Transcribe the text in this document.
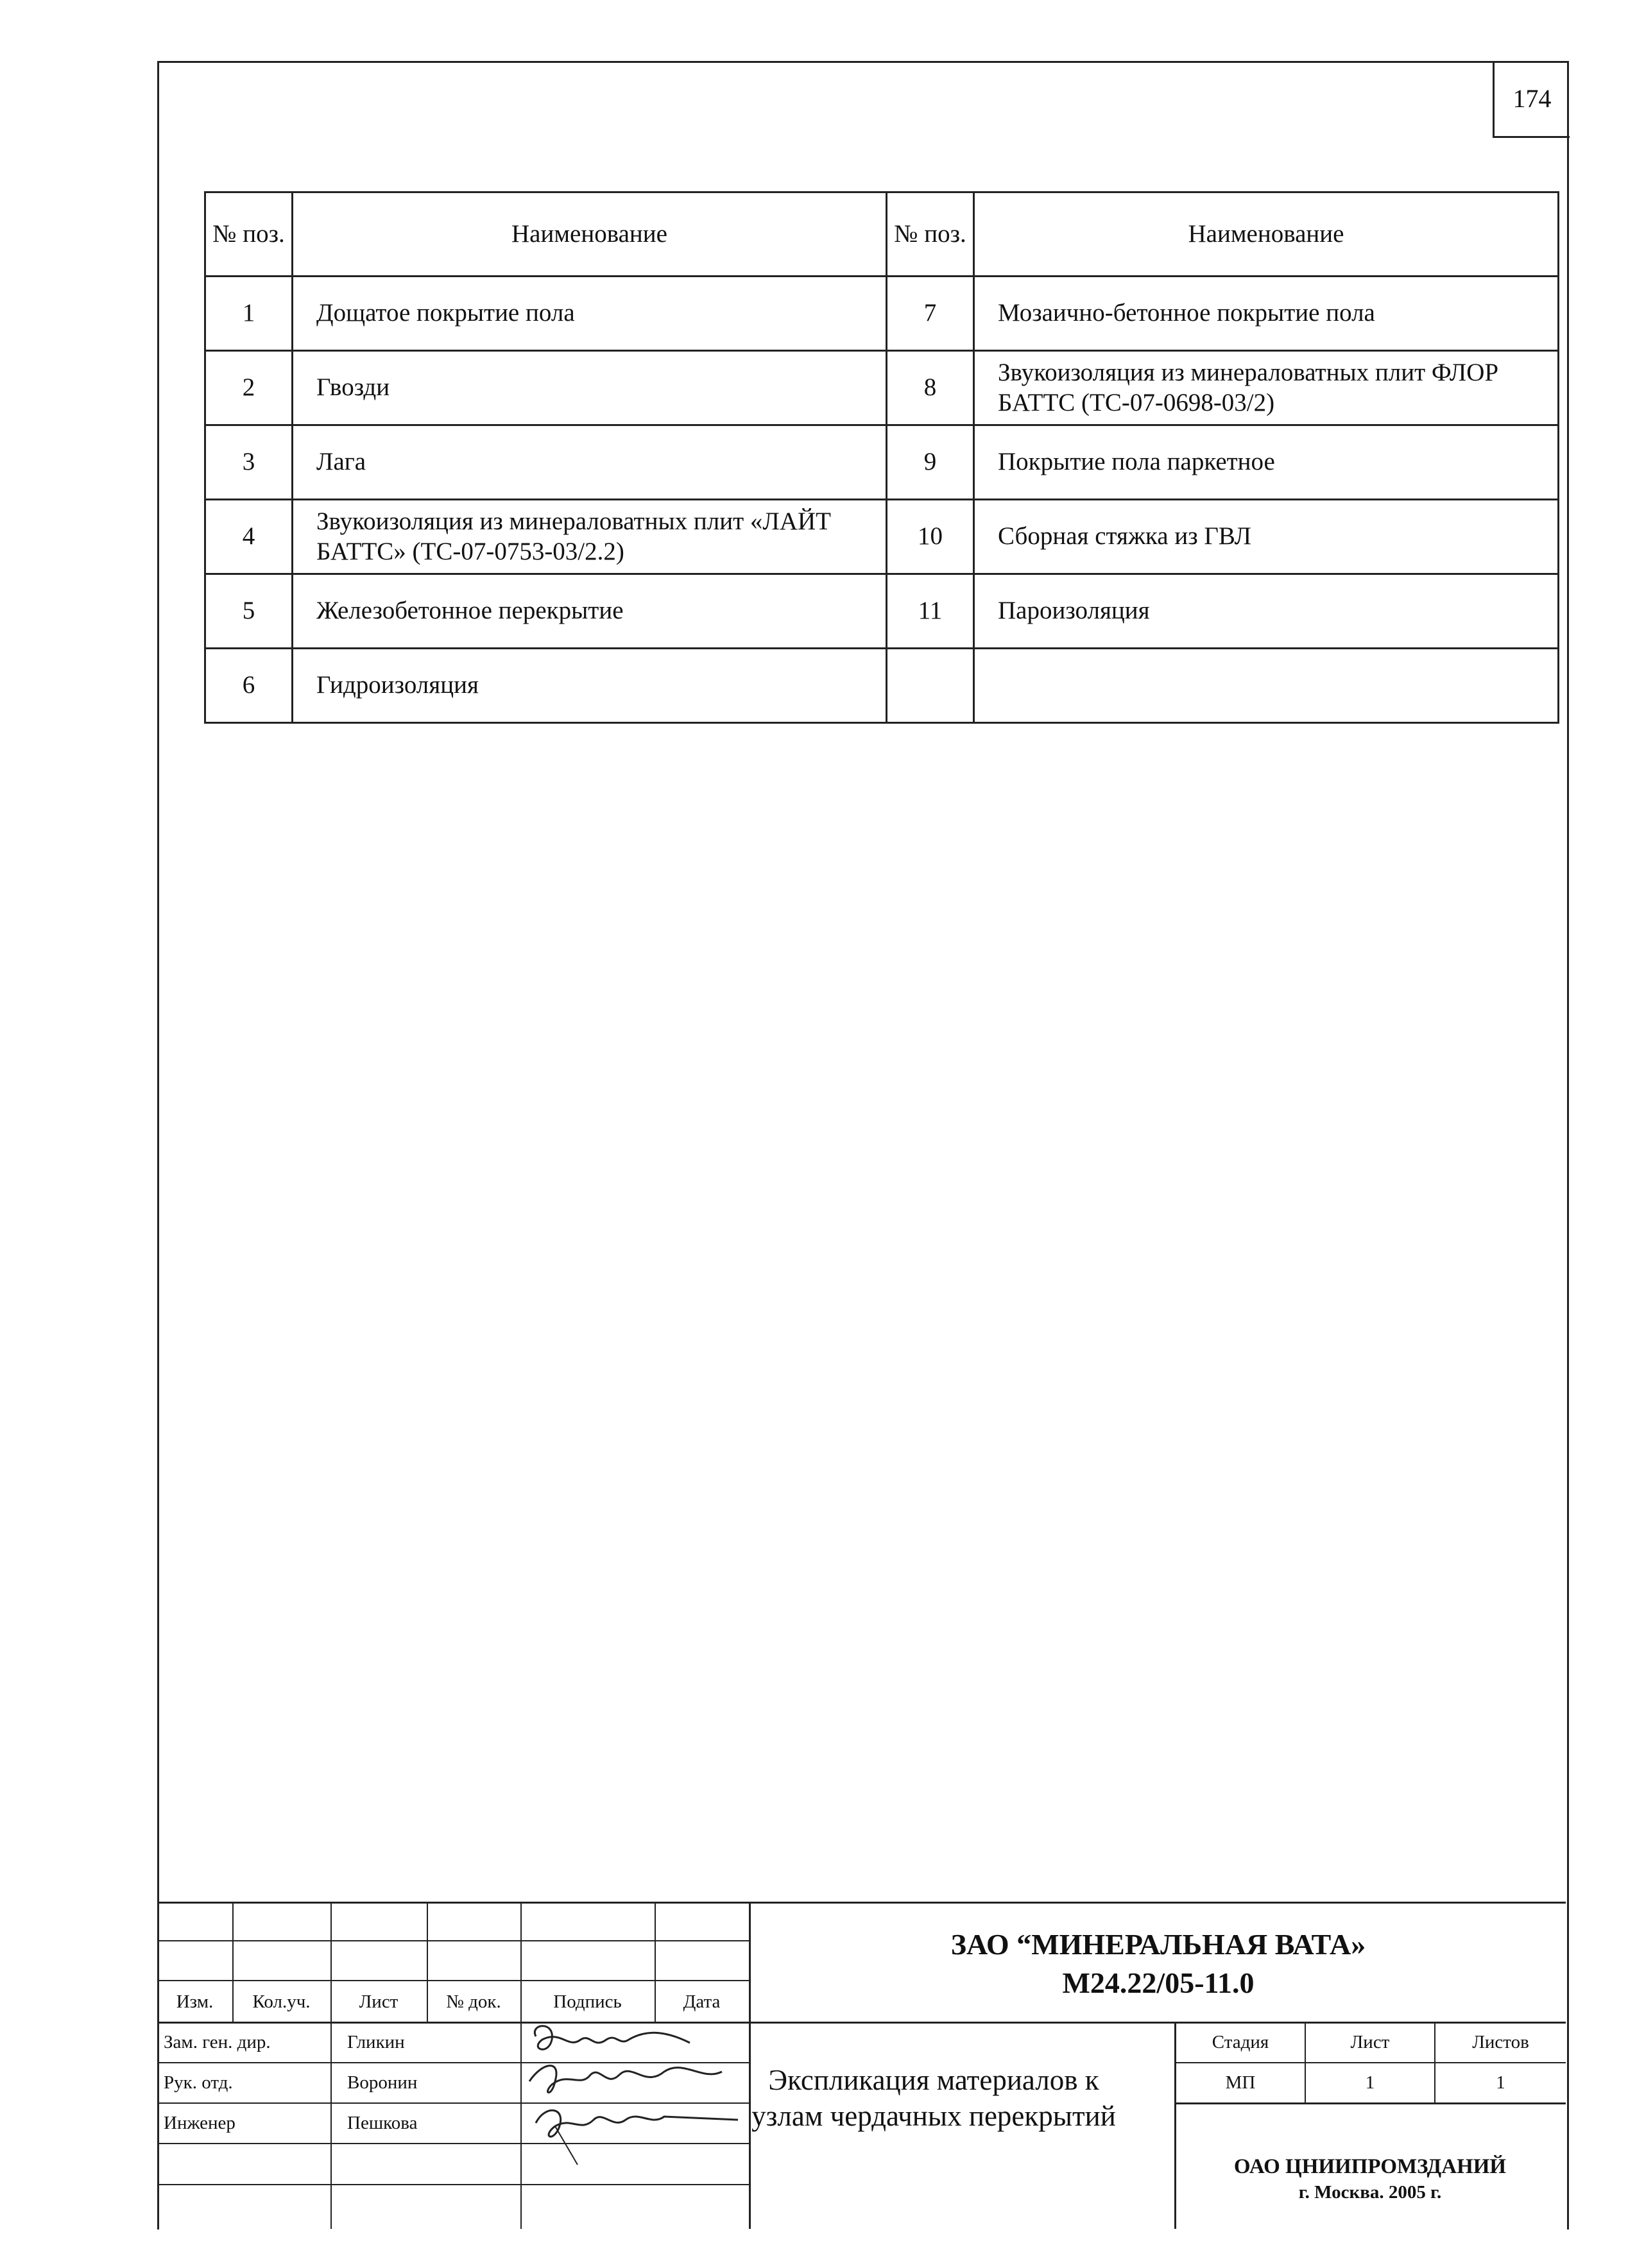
174
№ поз.	Наименование	№ поз.	Наименование
1	Дощатое покрытие пола	7	Мозаично-бетонное покрытие пола
2	Гвозди	8	Звукоизоляция из минераловатных плит ФЛОР БАТТС (ТС-07-0698-03/2)
3	Лага	9	Покрытие пола паркетное
4	Звукоизоляция из минераловатных плит «ЛАЙТ БАТТС» (ТС-07-0753-03/2.2)	10	Сборная стяжка из ГВЛ
5	Железобетонное перекрытие	11	Пароизоляция
6	Гидроизоляция		
Изм.	Кол.уч.	Лист	№ док.	Подпись	Дата
Зам. ген. дир.	Гликин
Рук. отд.	Воронин
Инженер	Пешкова
ЗАО “МИНЕРАЛЬНАЯ ВАТА»
М24.22/05-11.0
Экспликация материалов к узлам чердачных перекрытий
Стадия	Лист	Листов
МП	1	1
ОАО ЦНИИПРОМЗДАНИЙ
г. Москва. 2005 г.
